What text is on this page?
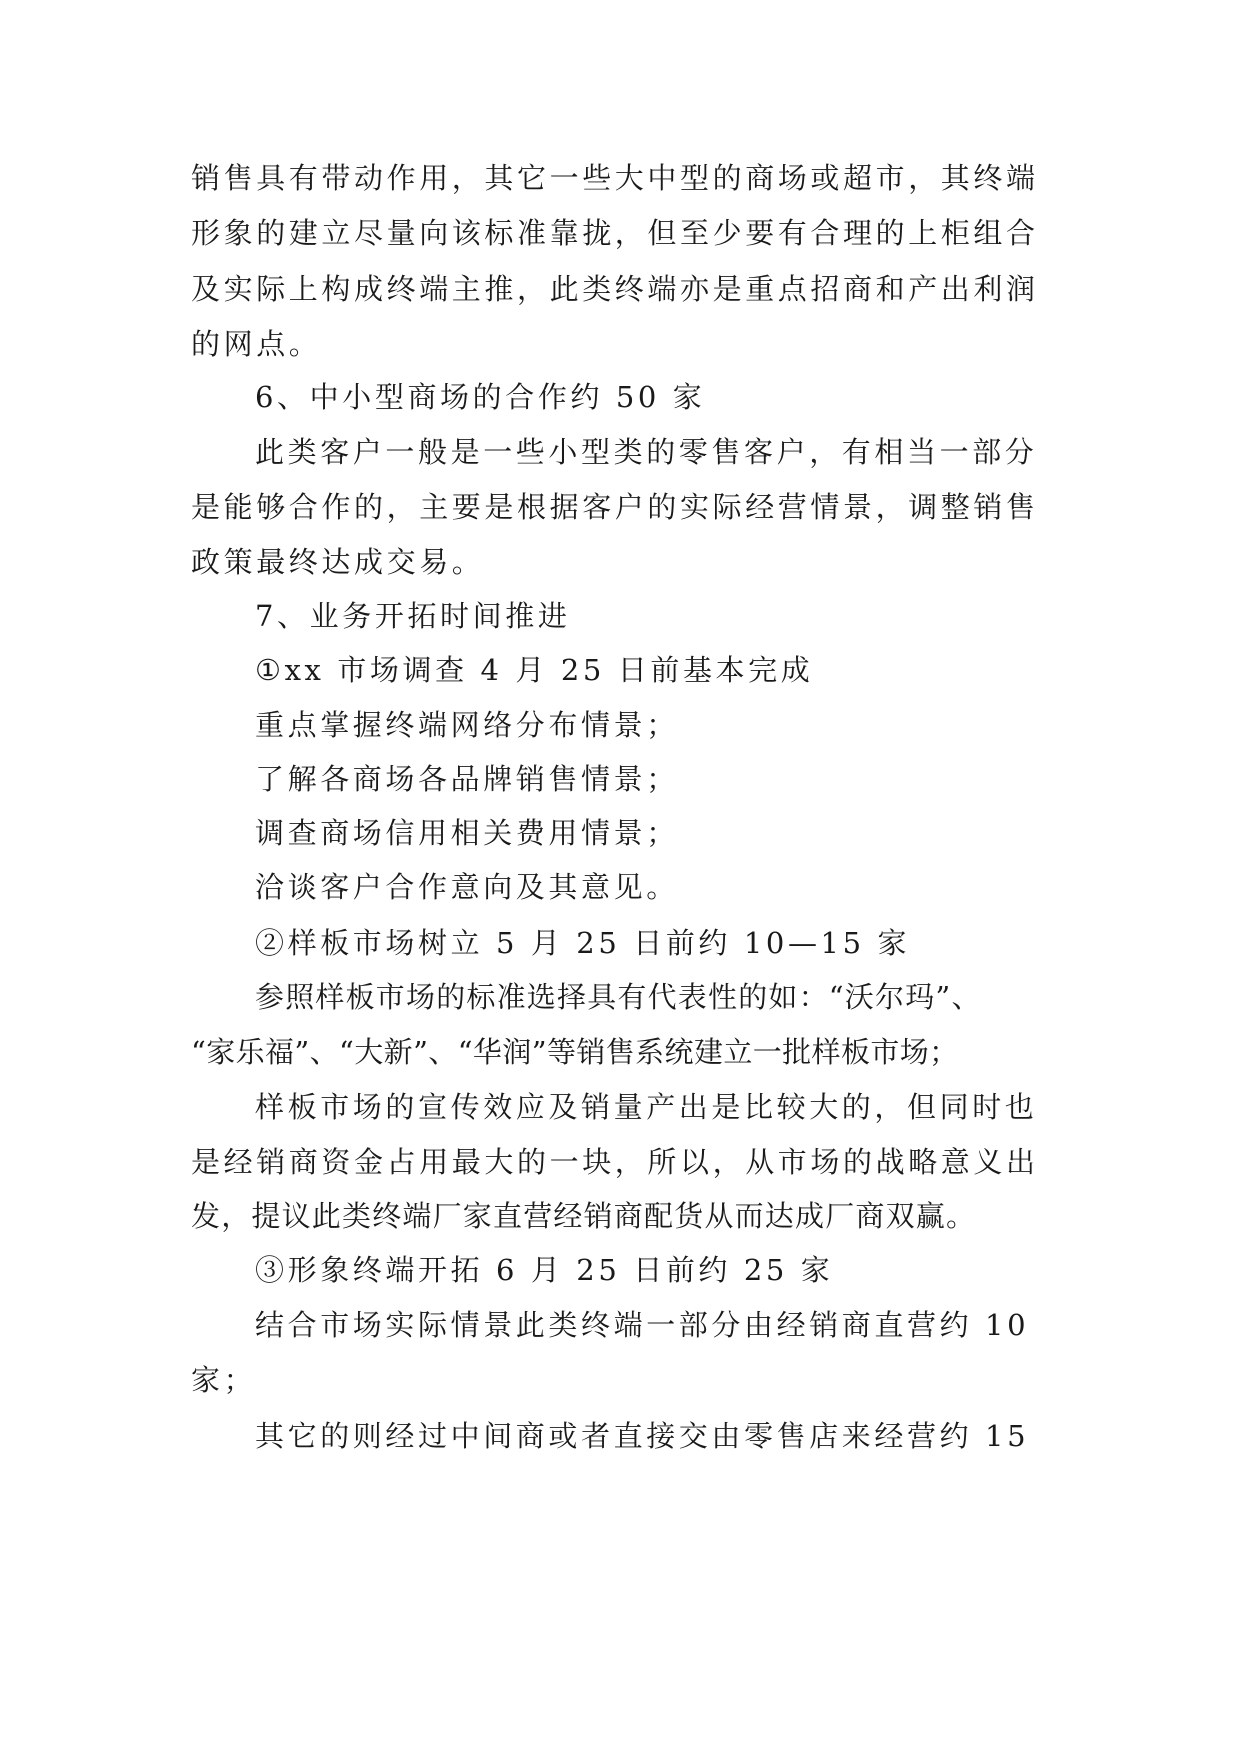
销售具有带动作用，其它一些大中型的商场或超市，其终端
形象的建立尽量向该标准靠拢，但至少要有合理的上柜组合
及实际上构成终端主推，此类终端亦是重点招商和产出利润
的网点。
6、中小型商场的合作约 50 家
此类客户一般是一些小型类的零售客户，有相当一部分
是能够合作的，主要是根据客户的实际经营情景，调整销售
政策最终达成交易。
7、业务开拓时间推进
①xx 市场调查 4 月 25 日前基本完成
重点掌握终端网络分布情景；
了解各商场各品牌销售情景；
调查商场信用相关费用情景；
洽谈客户合作意向及其意见。
②样板市场树立 5 月 25 日前约 10—15 家
参照样板市场的标准选择具有代表性的如：“沃尔玛”、
“家乐福”、“大新”、“华润”等销售系统建立一批样板市场；
样板市场的宣传效应及销量产出是比较大的，但同时也
是经销商资金占用最大的一块，所以，从市场的战略意义出
发，提议此类终端厂家直营经销商配货从而达成厂商双赢。
③形象终端开拓 6 月 25 日前约 25 家
结合市场实际情景此类终端一部分由经销商直营约 10
家；
其它的则经过中间商或者直接交由零售店来经营约 15
